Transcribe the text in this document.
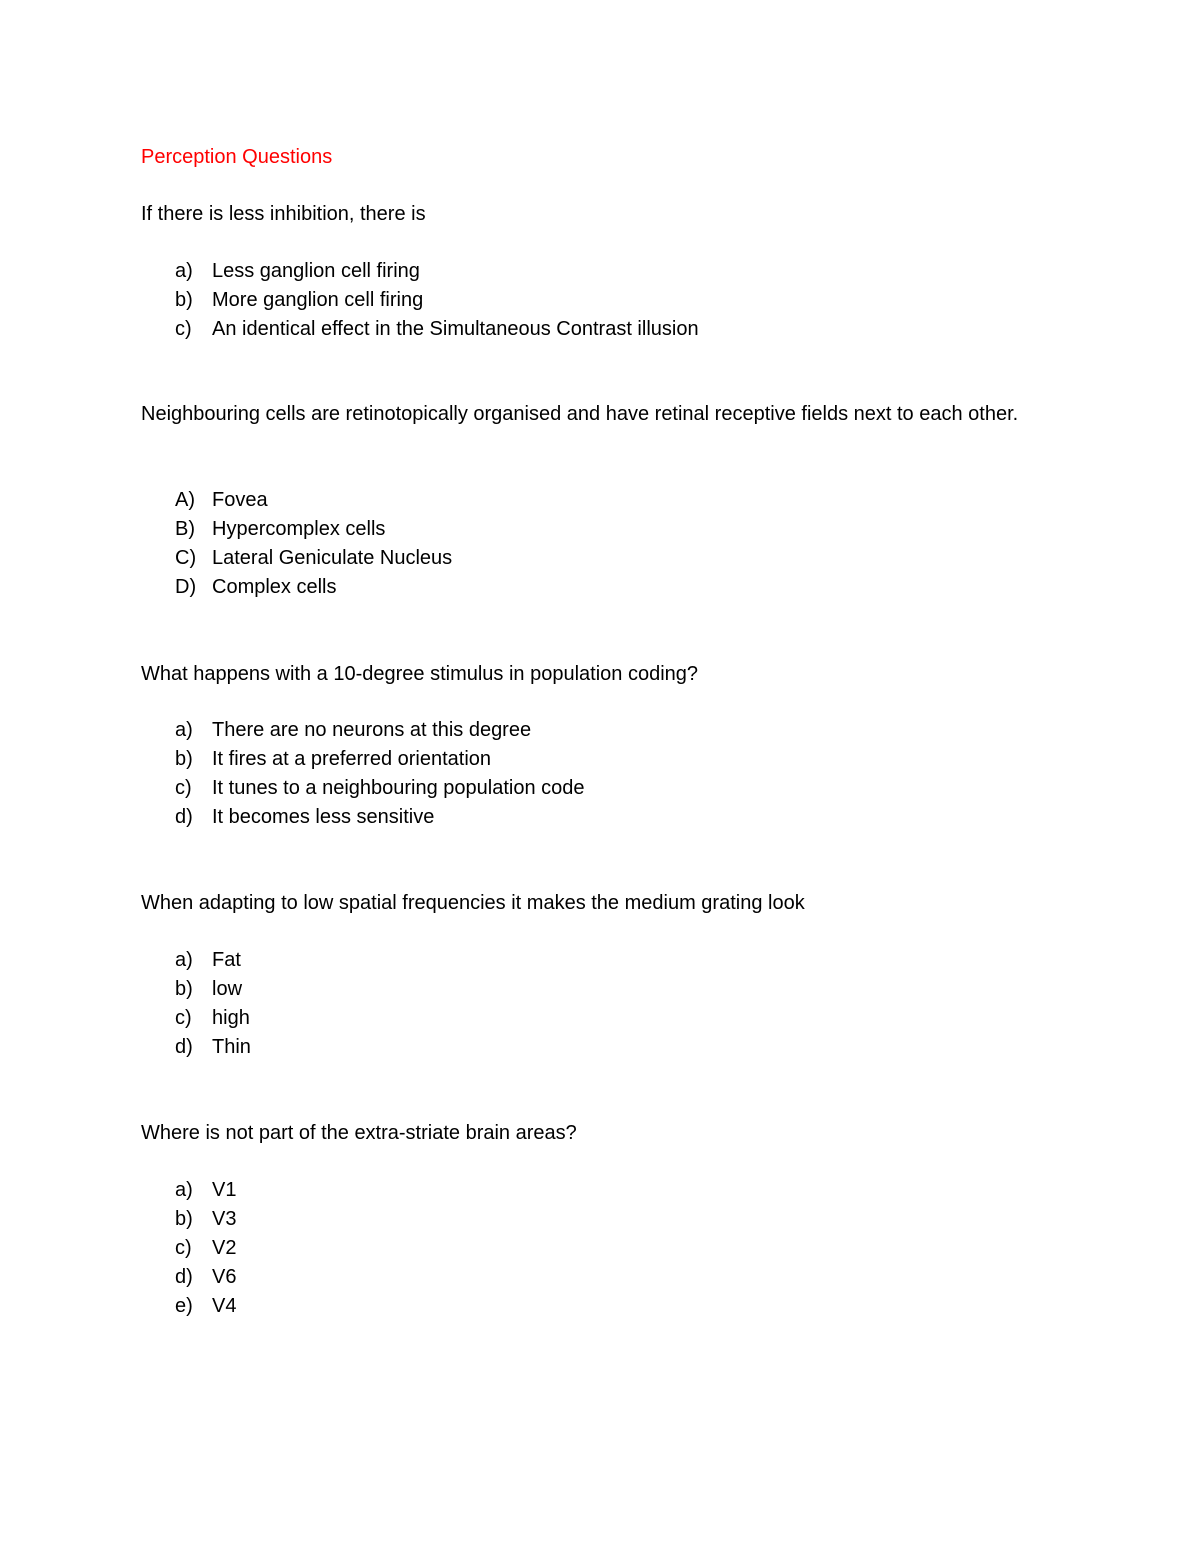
Perception Questions
If there is less inhibition, there is
a) Less ganglion cell firing
b) More ganglion cell firing
c) An identical effect in the Simultaneous Contrast illusion
Neighbouring cells are retinotopically organised and have retinal receptive fields next to each other.
A) Fovea
B) Hypercomplex cells
C) Lateral Geniculate Nucleus
D) Complex cells
What happens with a 10-degree stimulus in population coding?
a) There are no neurons at this degree
b) It fires at a preferred orientation
c) It tunes to a neighbouring population code
d) It becomes less sensitive
When adapting to low spatial frequencies it makes the medium grating look
a) Fat
b) low
c) high
d) Thin
Where is not part of the extra-striate brain areas?
a) V1
b) V3
c) V2
d) V6
e) V4
